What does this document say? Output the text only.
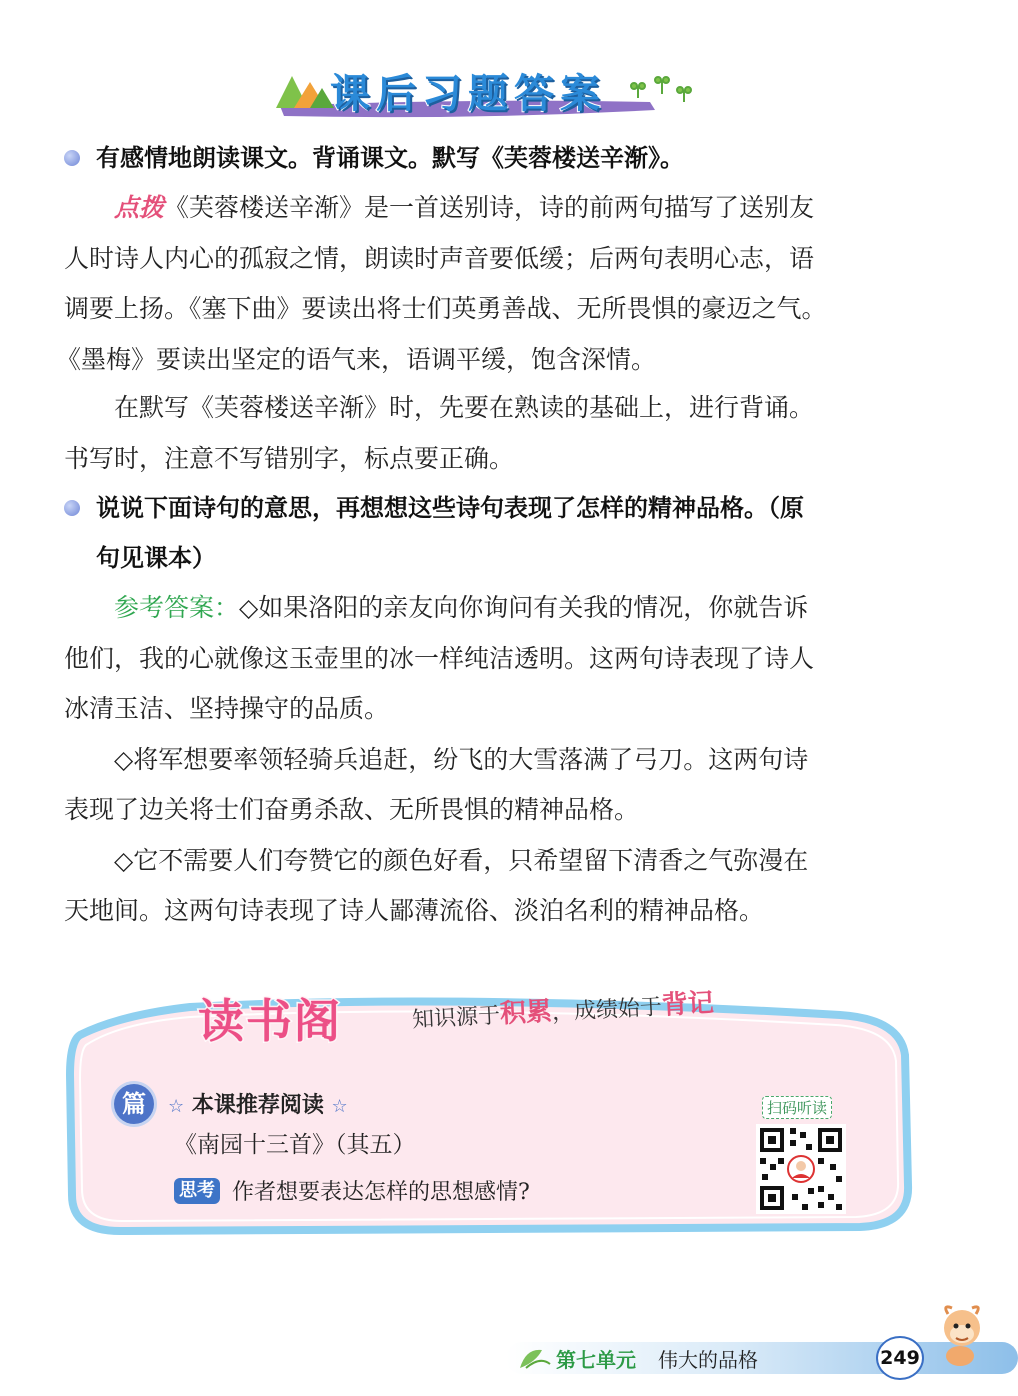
课后习题答案
有感情地朗读课文。背诵课文。默写《芙蓉楼送辛渐》。

点拨《芙蓉楼送辛渐》是一首送别诗，诗的前两句描写了送别友

人时诗人内心的孤寂之情，朗读时声音要低缓；后两句表明心志，语

调要上扬。《塞下曲》要读出将士们英勇善战、无所畏惧的豪迈之气。

《墨梅》要读出坚定的语气来，语调平缓，饱含深情。

在默写《芙蓉楼送辛渐》时，先要在熟读的基础上，进行背诵。

书写时，注意不写错别字，标点要正确。

说说下面诗句的意思，再想想这些诗句表现了怎样的精神品格。（原
句见课本）

参考答案：◇如果洛阳的亲友向你询问有关我的情况，你就告诉

他们，我的心就像这玉壶里的冰一样纯洁透明。这两句诗表现了诗人

冰清玉洁、坚持操守的品质。

◇将军想要率领轻骑兵追赶，纷飞的大雪落满了弓刀。这两句诗

表现了边关将士们奋勇杀敌、无所畏惧的精神品格。

◇它不需要人们夸赞它的颜色好看，只希望留下清香之气弥漫在

天地间。这两句诗表现了诗人鄙薄流俗、淡泊名利的精神品格。

读书阁	知识源于积累，成绩始于背记
篇	☆ 本课推荐阅读 ☆
《南园十三首》（其五）
思考 作者想要表达怎样的思想感情?
扫码听读
第七单元 伟大的品格	249
